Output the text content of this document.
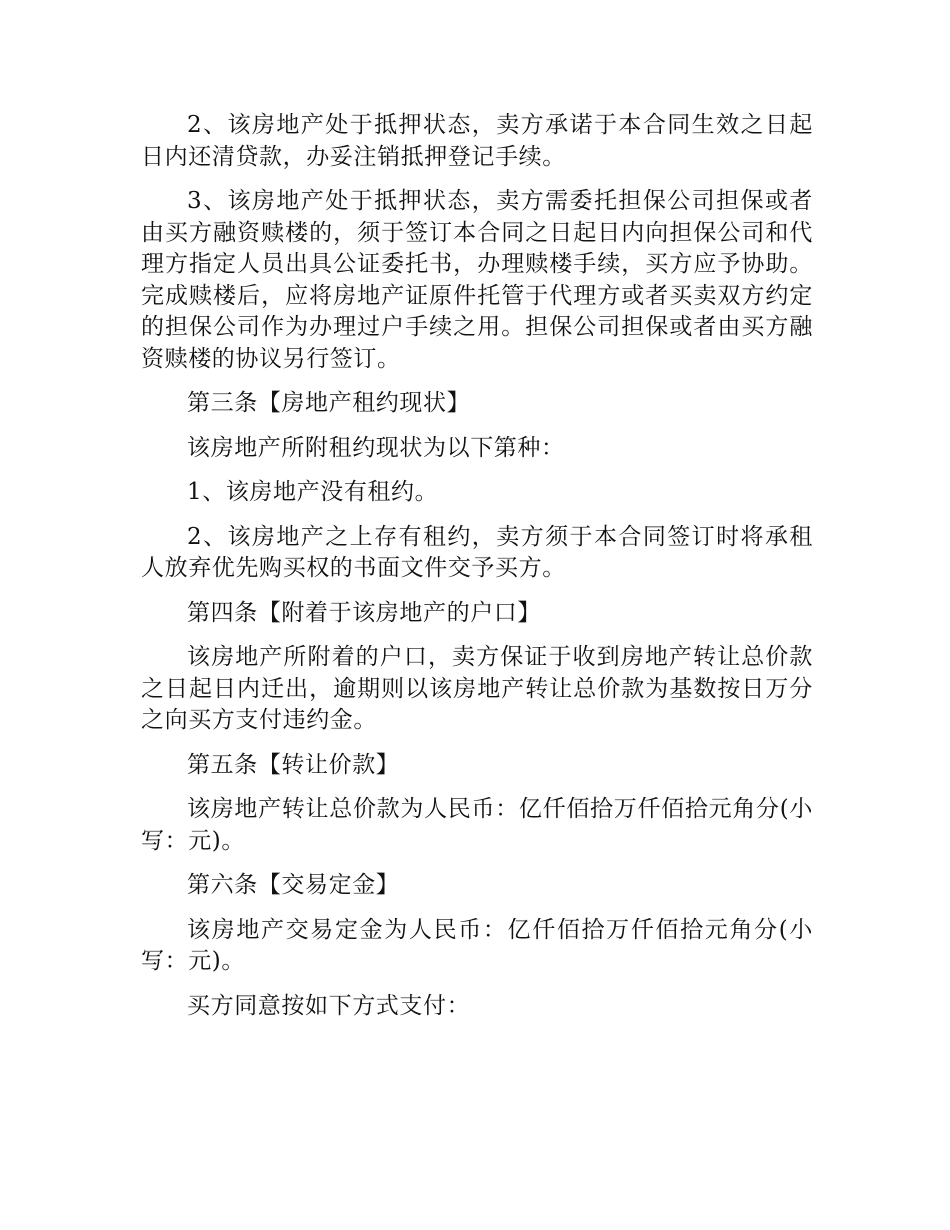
2、该房地产处于抵押状态，卖方承诺于本合同生效之日起日内还清贷款，办妥注销抵押登记手续。

3、该房地产处于抵押状态，卖方需委托担保公司担保或者由买方融资赎楼的，须于签订本合同之日起日内向担保公司和代理方指定人员出具公证委托书，办理赎楼手续，买方应予协助。完成赎楼后，应将房地产证原件托管于代理方或者买卖双方约定的担保公司作为办理过户手续之用。担保公司担保或者由买方融资赎楼的协议另行签订。

第三条【房地产租约现状】

该房地产所附租约现状为以下第种：

1、该房地产没有租约。

2、该房地产之上存有租约，卖方须于本合同签订时将承租人放弃优先购买权的书面文件交予买方。

第四条【附着于该房地产的户口】

该房地产所附着的户口，卖方保证于收到房地产转让总价款之日起日内迁出，逾期则以该房地产转让总价款为基数按日万分之向买方支付违约金。

第五条【转让价款】

该房地产转让总价款为人民币：亿仟佰拾万仟佰拾元角分(小写：元)。

第六条【交易定金】

该房地产交易定金为人民币：亿仟佰拾万仟佰拾元角分(小写：元)。

买方同意按如下方式支付：
